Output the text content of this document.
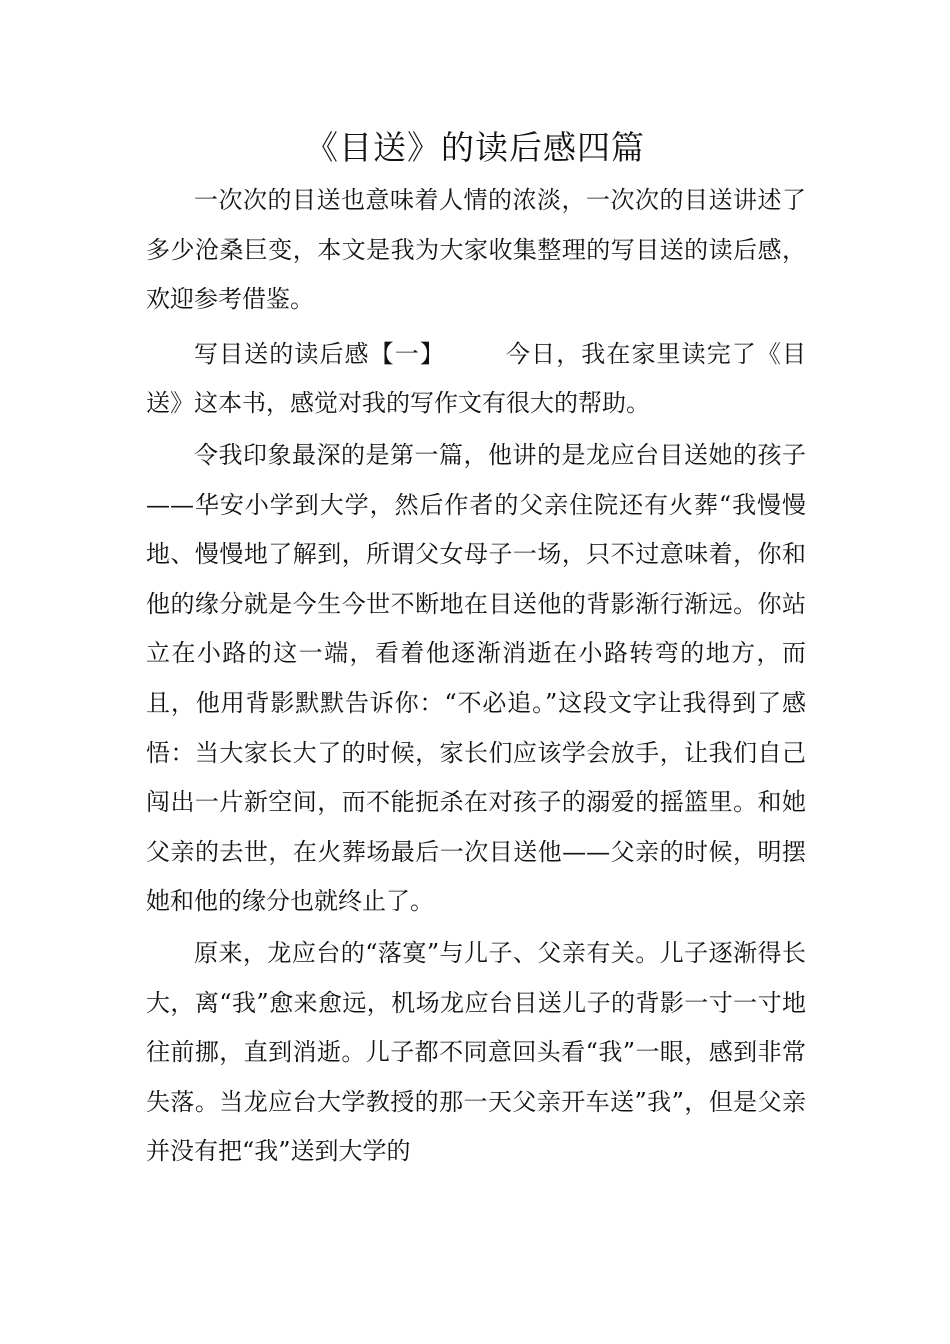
《目送》的读后感四篇

一次次的目送也意味着人情的浓淡，一次次的目送讲述了多少沧桑巨变，本文是我为大家收集整理的写目送的读后感，欢迎参考借鉴。

写目送的读后感【一】	今日，我在家里读完了《目送》这本书，感觉对我的写作文有很大的帮助。

令我印象最深的是第一篇，他讲的是龙应台目送她的孩子——华安小学到大学，然后作者的父亲住院还有火葬“我慢慢地、慢慢地了解到，所谓父女母子一场，只不过意味着，你和他的缘分就是今生今世不断地在目送他的背影渐行渐远。你站立在小路的这一端，看着他逐渐消逝在小路转弯的地方，而且，他用背影默默告诉你：“不必追。”这段文字让我得到了感悟：当大家长大了的时候，家长们应该学会放手，让我们自己闯出一片新空间，而不能扼杀在对孩子的溺爱的摇篮里。和她父亲的去世，在火葬场最后一次目送他——父亲的时候，明摆她和他的缘分也就终止了。

原来，龙应台的“落寞”与儿子、父亲有关。儿子逐渐得长大，离“我”愈来愈远，机场龙应台目送儿子的背影一寸一寸地往前挪，直到消逝。儿子都不同意回头看“我”一眼，感到非常失落。当龙应台大学教授的那一天父亲开车送”我”，但是父亲并没有把“我”送到大学的
